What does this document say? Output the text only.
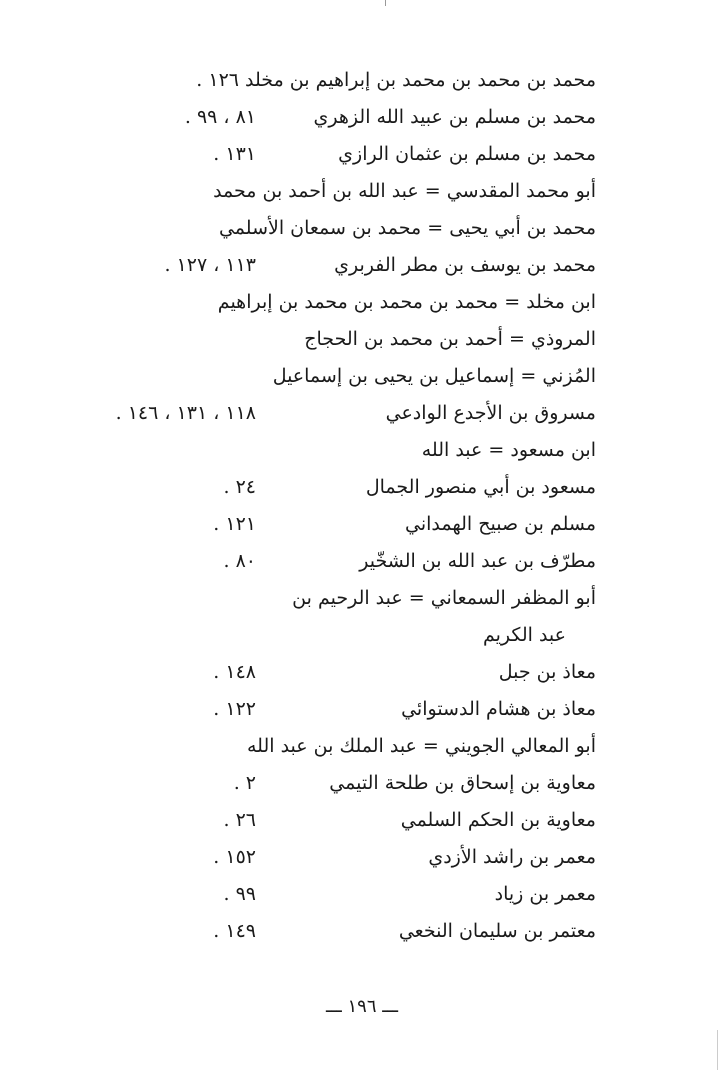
محمد بن محمد بن محمد بن إبراهيم بن مخلد ١٢٦ .
محمد بن مسلم بن عبيد الله الزهري
٨١ ، ٩٩ .
محمد بن مسلم بن عثمان الرازي
١٣١ .
أبو محمد المقدسي = عبد الله بن أحمد بن محمد
محمد بن أبي يحيى = محمد بن سمعان الأسلمي
محمد بن يوسف بن مطر الفربري
١١٣ ، ١٢٧ .
ابن مخلد = محمد بن محمد بن محمد بن إبراهيم
المروذي = أحمد بن محمد بن الحجاج
المُزني = إسماعيل بن يحيى بن إسماعيل
مسروق بن الأجدع الوادعي
١١٨ ، ١٣١ ، ١٤٦ .
ابن مسعود = عبد الله
مسعود بن أبي منصور الجمال
٢٤ .
مسلم بن صبيح الهمداني
١٢١ .
مطرّف بن عبد الله بن الشخّير
٨٠ .
أبو المظفر السمعاني = عبد الرحيم بن
عبد الكريم
معاذ بن جبل
١٤٨ .
معاذ بن هشام الدستوائي
١٢٢ .
أبو المعالي الجويني = عبد الملك بن عبد الله
معاوية بن إسحاق بن طلحة التيمي
٢ .
معاوية بن الحكم السلمي
٢٦ .
معمر بن راشد الأزدي
١٥٢ .
معمر بن زياد
٩٩ .
معتمر بن سليمان النخعي
١٤٩ .
ـــ ١٩٦ ـــ
